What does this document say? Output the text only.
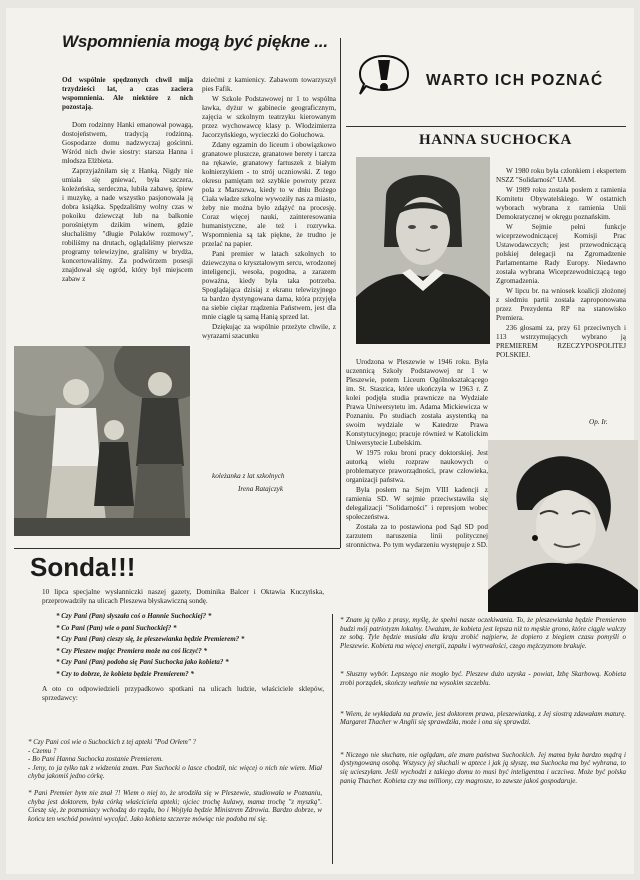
Wspomnienia mogą być piękne ...
Od wspólnie spędzonych chwil mija trzydzieści lat, a czas zaciera wspomnienia. Ale niektóre z nich pozostają.

Dom rodzinny Hanki emanował powagą, dostojeństwem, tradycją rodzinną. Gospodarze domu nadzwyczaj gościnni. Wśród nich dwie siostry: starsza Hanna i młodsza Elżbieta.

Zaprzyjaźniłam się z Hanką. Nigdy nie umiała się gniewać, była szczera, koleżeńska, serdeczna, lubiła zabawę, śpiew i muzykę, a nade wszystko pasjonowała ją dobra książka. Spędzaliśmy wolny czas w pokoiku dziewcząt lub na balkonie porośniętym dzikim winem, gdzie słuchaliśmy "długie Polaków rozmowy", robiliśmy na drutach, oglądaliśmy pierwsze programy telewizyjne, graliśmy w brydża, koncertowaliśmy. Za podwórzem posesji znajdował się ogród, który był miejscem zabaw z

dziećmi z kamienicy. Zabawom towarzyszył pies Fafik.

W Szkole Podstawowej nr 1 to wspólna ławka, dyżur w gabinecie geograficznym, zajęcia w szkolnym teatrzyku kierowanym przez wychowawcę klasy p. Włodzimierza Jacorzyńskiego, wycieczki do Gołuchowa.

Zdany egzamin do liceum i obowiązkowo granatowe pluszcze, granatowe berety i tarcza na rękawie, granatowy fartuszek z białym kołnierzykiem - to strój uczniowski. Z tego okresu pamiętam też szybkie powroty przez pola z Marszewa, kiedy to w dniu Bożego Ciała władze szkolne wywoziły nas za miasto, żeby nie można było zdążyć na procesję. Coraz więcej nauki, zainteresowania humanistyczne, ale też i rozrywka. Wspomnienia są tak piękne, że trudno je przelać na papier.

Pani premier w latach szkolnych to dziewczyna o kryształowym sercu, wrodzonej inteligencji, wesoła, pogodna, a zarazem poważna, kiedy była taka potrzeba. Spoglądająca dzisiaj z ekranu telewizyjnego ta bardzo dystyngowana dama, która przyjęła na siebie ciężar rządzenia Państwem, jest dla mnie ciągle tą samą Hanią sprzed lat.

Dziękując za wspólnie przeżyte chwile, z wyrazami szacunku

koleżanka z lat szkolnych
Irena Ratajczyk
WARTO ICH POZNAĆ
HANNA SUCHOCKA

Urodzona w Pleszewie w 1946 roku. Była uczennicą Szkoły Podstawowej nr 1 w Pleszewie, potem Liceum Ogólnokształcącego im. St. Staszica, które ukończyła w 1963 r. Z kolei podjęła studia prawnicze na Wydziale Prawa Uniwersytetu im. Adama Mickiewicza w Poznaniu. Po studiach została asystentką na swoim wydziale w Katedrze Prawa Konstytucyjnego; pracuje również w Katolickim Uniwersytecie Lubelskim.

W 1975 roku broni pracy doktorskiej. Jest autorką wielu rozpraw naukowych o problematyce praworządności, praw człowieka, organizacji państwa.

Była posłem na Sejm VIII kadencji z ramienia SD. W sejmie przeciwstawiła się delegalizacji "Solidarności" i represjom wobec społeczeństwa.

Została za to postawiona pod Sąd SD pod zarzutem naruszenia linii politycznej stronnictwa. Po tym wydarzeniu występuje z SD.

W 1980 roku była członkiem i ekspertem NSZZ "Solidarność" UAM.

W 1989 roku została posłem z ramienia Komitetu Obywatelskiego. W ostatnich wyborach wybrana z ramienia Unii Demokratycznej w okręgu poznańskim.

W Sejmie pełni funkcje wiceprzewodniczącej Komisji Prac Ustawodawczych; jest przewodniczącą polskiej delegacji na Zgromadzenie Parlamentarne Rady Europy. Niedawno została wybrana Wiceprzewodniczącą tego Zgromadzenia.

W lipcu br. na wniosek koalicji złożonej z siedmiu partii została zaproponowana przez Prezydenta RP na stanowisko Premiera.

236 głosami za, przy 61 przeciwnych i 113 wstrzymujących wybrano ją PREMIEREM RZECZYPOSPOLITEJ POLSKIEJ.

Op. Ir.
Sonda!!!
10 lipca specjalne wysłanniczki naszej gazety, Dominika Balcer i Oktawia Kuczyńska, przeprowadziły na ulicach Pleszewa błyskawiczną sondę.

* Czy Pani (Pan) słyszała coś o Hannie Suchockiej? *

* Co Pani (Pan) wie o pani Suchockiej? *

* Czy Pani (Pan) cieszy się, że pleszewianka będzie Premierem? *

* Czy Pleszew mając Premiera może na coś liczyć? *

* Czy Pani (Pan) podoba się Pani Suchocka jako kobieta? *

* Czy to dobrze, że kobieta będzie Premierem? *

A oto co odpowiedzieli przypadkowo spotkani na ulicach ludzie, właściciele sklepów, sprzedawcy:

* Czy Pani coś wie o Suchockich z tej apteki "Pod Orłem" ?

- Czemu ?

- Bo Pani Hanna Suchocka zostanie Premierem.

- Jeny, to ja tylko tak z widzenia znam. Pan Suchocki o lasce chodził, nic więcej o nich nie wiem. Miał chyba jakomiś jedno córkę.

* Pani Premier bym nie znał ?! Wiem o niej to, że urodziła się w Pleszewie, studiowała w Poznaniu, chyba jest doktorem, była córką właściciela apteki; ojciec trochę kulawy, mama trochę "z myszką". Cieszę się, że poznaniacy wchodzą do rządu, bo i Wojtyła będzie Ministrem Zdrowia. Bardzo dobrze, w końcu ten wschód powinni wycofać. Jako kobieta szczerze mówiąc nie podoba mi się.

* Znam ją tylko z prasy, myślę, że spełni nasze oczekiwania. To, że pleszewianka będzie Premierem budzi mój patriotyzm lokalny. Uważam, że kobieta jest lepsza niż to męskie grono, które ciągle walczy ze sobą. Tyle będzie musiała dla kraju zrobić najpierw, że dopiero z biegiem czasu pomyśli o Pleszewie. Kobieta ma więcej energii, zapału i wytrwałości, czego mężczyznom brakuje.

* Słuszny wybór. Lepszego nie mogło być. Pleszew dużo uzyska - powiat, Izbę Skarbową. Kobieta zrobi porządek, skończy wahnie na wysokim szczeblu.

* Wiem, że wykładała na prawie, jest doktorem prawa, pleszewianką, z Jej siostrą zdawałam maturę. Margaret Thacher w Anglii się sprawdziła, może i ona się sprawdzi.

* Niczego nie słucham, nie oglądam, ale znam państwa Suchockich. Jej mama była bardzo mądrą i dystyngowaną osobą. Wszyscy jej słuchali w aptece i jak ją słyszę, ma Suchocka ma być wybrana, to się ucieszyłam. Jeśli wychodzi z takiego domu to musi być inteligentna i uczciwa. Może być polska panią Thacher. Kobieta czy ma milliony, czy magrosze, to zawsze jakoś gospodaruje.
